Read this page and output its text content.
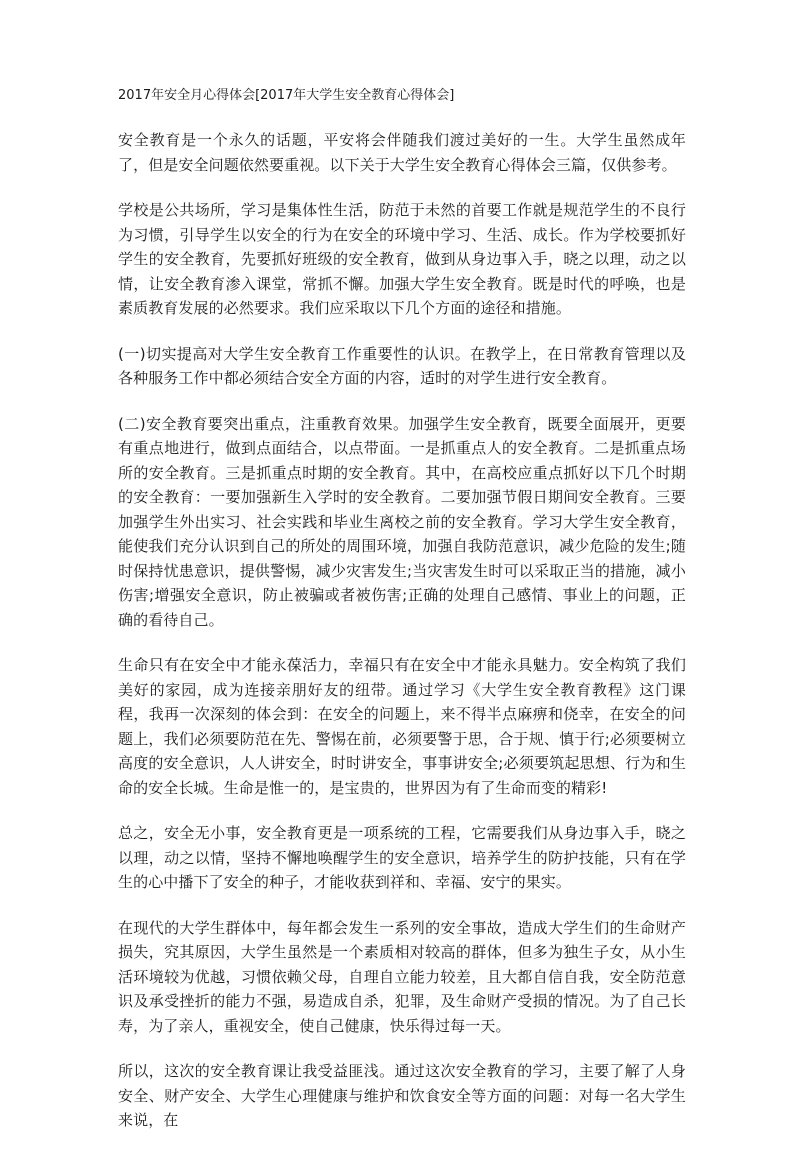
2017年安全月心得体会[2017年大学生安全教育心得体会]

安全教育是一个永久的话题，平安将会伴随我们渡过美好的一生。大学生虽然成年了，但是安全问题依然要重视。以下关于大学生安全教育心得体会三篇，仅供参考。

学校是公共场所，学习是集体性生活，防范于未然的首要工作就是规范学生的不良行为习惯，引导学生以安全的行为在安全的环境中学习、生活、成长。作为学校要抓好学生的安全教育，先要抓好班级的安全教育，做到从身边事入手，晓之以理，动之以情，让安全教育渗入课堂，常抓不懈。加强大学生安全教育。既是时代的呼唤，也是素质教育发展的必然要求。我们应采取以下几个方面的途径和措施。

(一)切实提高对大学生安全教育工作重要性的认识。在教学上，在日常教育管理以及各种服务工作中都必须结合安全方面的内容，适时的对学生进行安全教育。

(二)安全教育要突出重点，注重教育效果。加强学生安全教育，既要全面展开，更要有重点地进行，做到点面结合，以点带面。一是抓重点人的安全教育。二是抓重点场所的安全教育。三是抓重点时期的安全教育。其中，在高校应重点抓好以下几个时期的安全教育：一要加强新生入学时的安全教育。二要加强节假日期间安全教育。三要加强学生外出实习、社会实践和毕业生离校之前的安全教育。学习大学生安全教育，能使我们充分认识到自己的所处的周围环境，加强自我防范意识，减少危险的发生;随时保持忧患意识，提供警惕，减少灾害发生;当灾害发生时可以采取正当的措施，减小伤害;增强安全意识，防止被骗或者被伤害;正确的处理自己感情、事业上的问题，正确的看待自己。

生命只有在安全中才能永葆活力，幸福只有在安全中才能永具魅力。安全构筑了我们美好的家园，成为连接亲朋好友的纽带。通过学习《大学生安全教育教程》这门课程，我再一次深刻的体会到：在安全的问题上，来不得半点麻痹和侥幸，在安全的问题上，我们必须要防范在先、警惕在前，必须要警于思，合于规、慎于行;必须要树立高度的安全意识，人人讲安全，时时讲安全，事事讲安全;必须要筑起思想、行为和生命的安全长城。生命是惟一的，是宝贵的，世界因为有了生命而变的精彩!

总之，安全无小事，安全教育更是一项系统的工程，它需要我们从身边事入手，晓之以理，动之以情，坚持不懈地唤醒学生的安全意识，培养学生的防护技能，只有在学生的心中播下了安全的种子，才能收获到祥和、幸福、安宁的果实。

在现代的大学生群体中，每年都会发生一系列的安全事故，造成大学生们的生命财产损失，究其原因，大学生虽然是一个素质相对较高的群体，但多为独生子女，从小生活环境较为优越，习惯依赖父母，自理自立能力较差，且大都自信自我，安全防范意识及承受挫折的能力不强，易造成自杀，犯罪，及生命财产受损的情况。为了自己长寿，为了亲人，重视安全，使自己健康，快乐得过每一天。

所以，这次的安全教育课让我受益匪浅。通过这次安全教育的学习，主要了解了人身安全、财产安全、大学生心理健康与维护和饮食安全等方面的问题：对每一名大学生来说，在
